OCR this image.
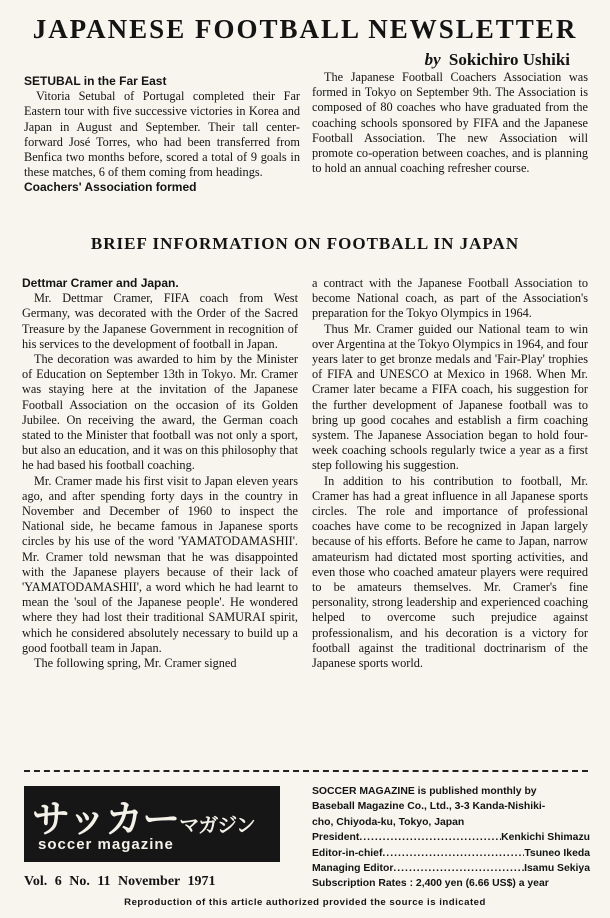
JAPANESE FOOTBALL NEWSLETTER
by Sokichiro Ushiki

SETUBAL in the Far East

Vitoria Setubal of Portugal completed their Far Eastern tour with five successive victories in Korea and Japan in August and September. Their tall center-forward José Torres, who had been transferred from Benfica two months before, scored a total of 9 goals in these matches, 6 of them coming from headings.

Coachers' Association formed

The Japanese Football Coachers Association was formed in Tokyo on September 9th. The Association is composed of 80 coaches who have graduated from the coaching schools sponsored by FIFA and the Japanese Football Association. The new Association will promote co-operation between coaches, and is planning to hold an annual coaching refresher course.

BRIEF INFORMATION ON FOOTBALL IN JAPAN

Dettmar Cramer and Japan.

Mr. Dettmar Cramer, FIFA coach from West Germany, was decorated with the Order of the Sacred Treasure by the Japanese Government in recognition of his services to the development of football in Japan.

The decoration was awarded to him by the Minister of Education on September 13th in Tokyo. Mr. Cramer was staying here at the invitation of the Japanese Football Association on the occasion of its Golden Jubilee. On receiving the award, the German coach stated to the Minister that football was not only a sport, but also an education, and it was on this philosophy that he had based his football coaching.

Mr. Cramer made his first visit to Japan eleven years ago, and after spending forty days in the country in November and December of 1960 to inspect the National side, he became famous in Japanese sports circles by his use of the word 'YAMATODAMASHII'. Mr. Cramer told newsman that he was disappointed with the Japanese players because of their lack of 'YAMATODAMASHII', a word which he had learnt to mean the 'soul of the Japanese people'. He wondered where they had lost their traditional SAMURAI spirit, which he considered absolutely necessary to build up a good football team in Japan.

The following spring, Mr. Cramer signed

a contract with the Japanese Football Association to become National coach, as part of the Association's preparation for the Tokyo Olympics in 1964.

Thus Mr. Cramer guided our National team to win over Argentina at the Tokyo Olympics in 1964, and four years later to get bronze medals and 'Fair-Play' trophies of FIFA and UNESCO at Mexico in 1968. When Mr. Cramer later became a FIFA coach, his suggestion for the further development of Japanese football was to bring up good cocahes and establish a firm coaching system. The Japanese Association began to hold four-week coaching schools regularly twice a year as a first step following his suggestion.

In addition to his contribution to football, Mr. Cramer has had a great influence in all Japanese sports circles. The role and importance of professional coaches have come to be recognized in Japan largely because of his efforts. Before he came to Japan, narrow amateurism had dictated most sporting activities, and even those who coached amateur players were required to be amateurs themselves. Mr. Cramer's fine personality, strong leadership and experienced coaching helped to overcome such prejudice against professionalism, and his decoration is a victory for football against the traditional doctrinarism of the Japanese sports world.

サッカーマガジン
soccer magazine
Vol. 6 No. 11 November 1971
SOCCER MAGAZINE is published monthly by
Baseball Magazine Co., Ltd., 3-3 Kanda-Nishiki-
cho, Chiyoda-ku, Tokyo, Japan
President .....	Kenkichi Shimazu
Editor-in-chief .....	Tsuneo Ikeda
Managing Editor .....	Isamu Sekiya
Subscription Rates : 2,400 yen (6.66 US$) a year
Reproduction of this article authorized provided the source is indicated
